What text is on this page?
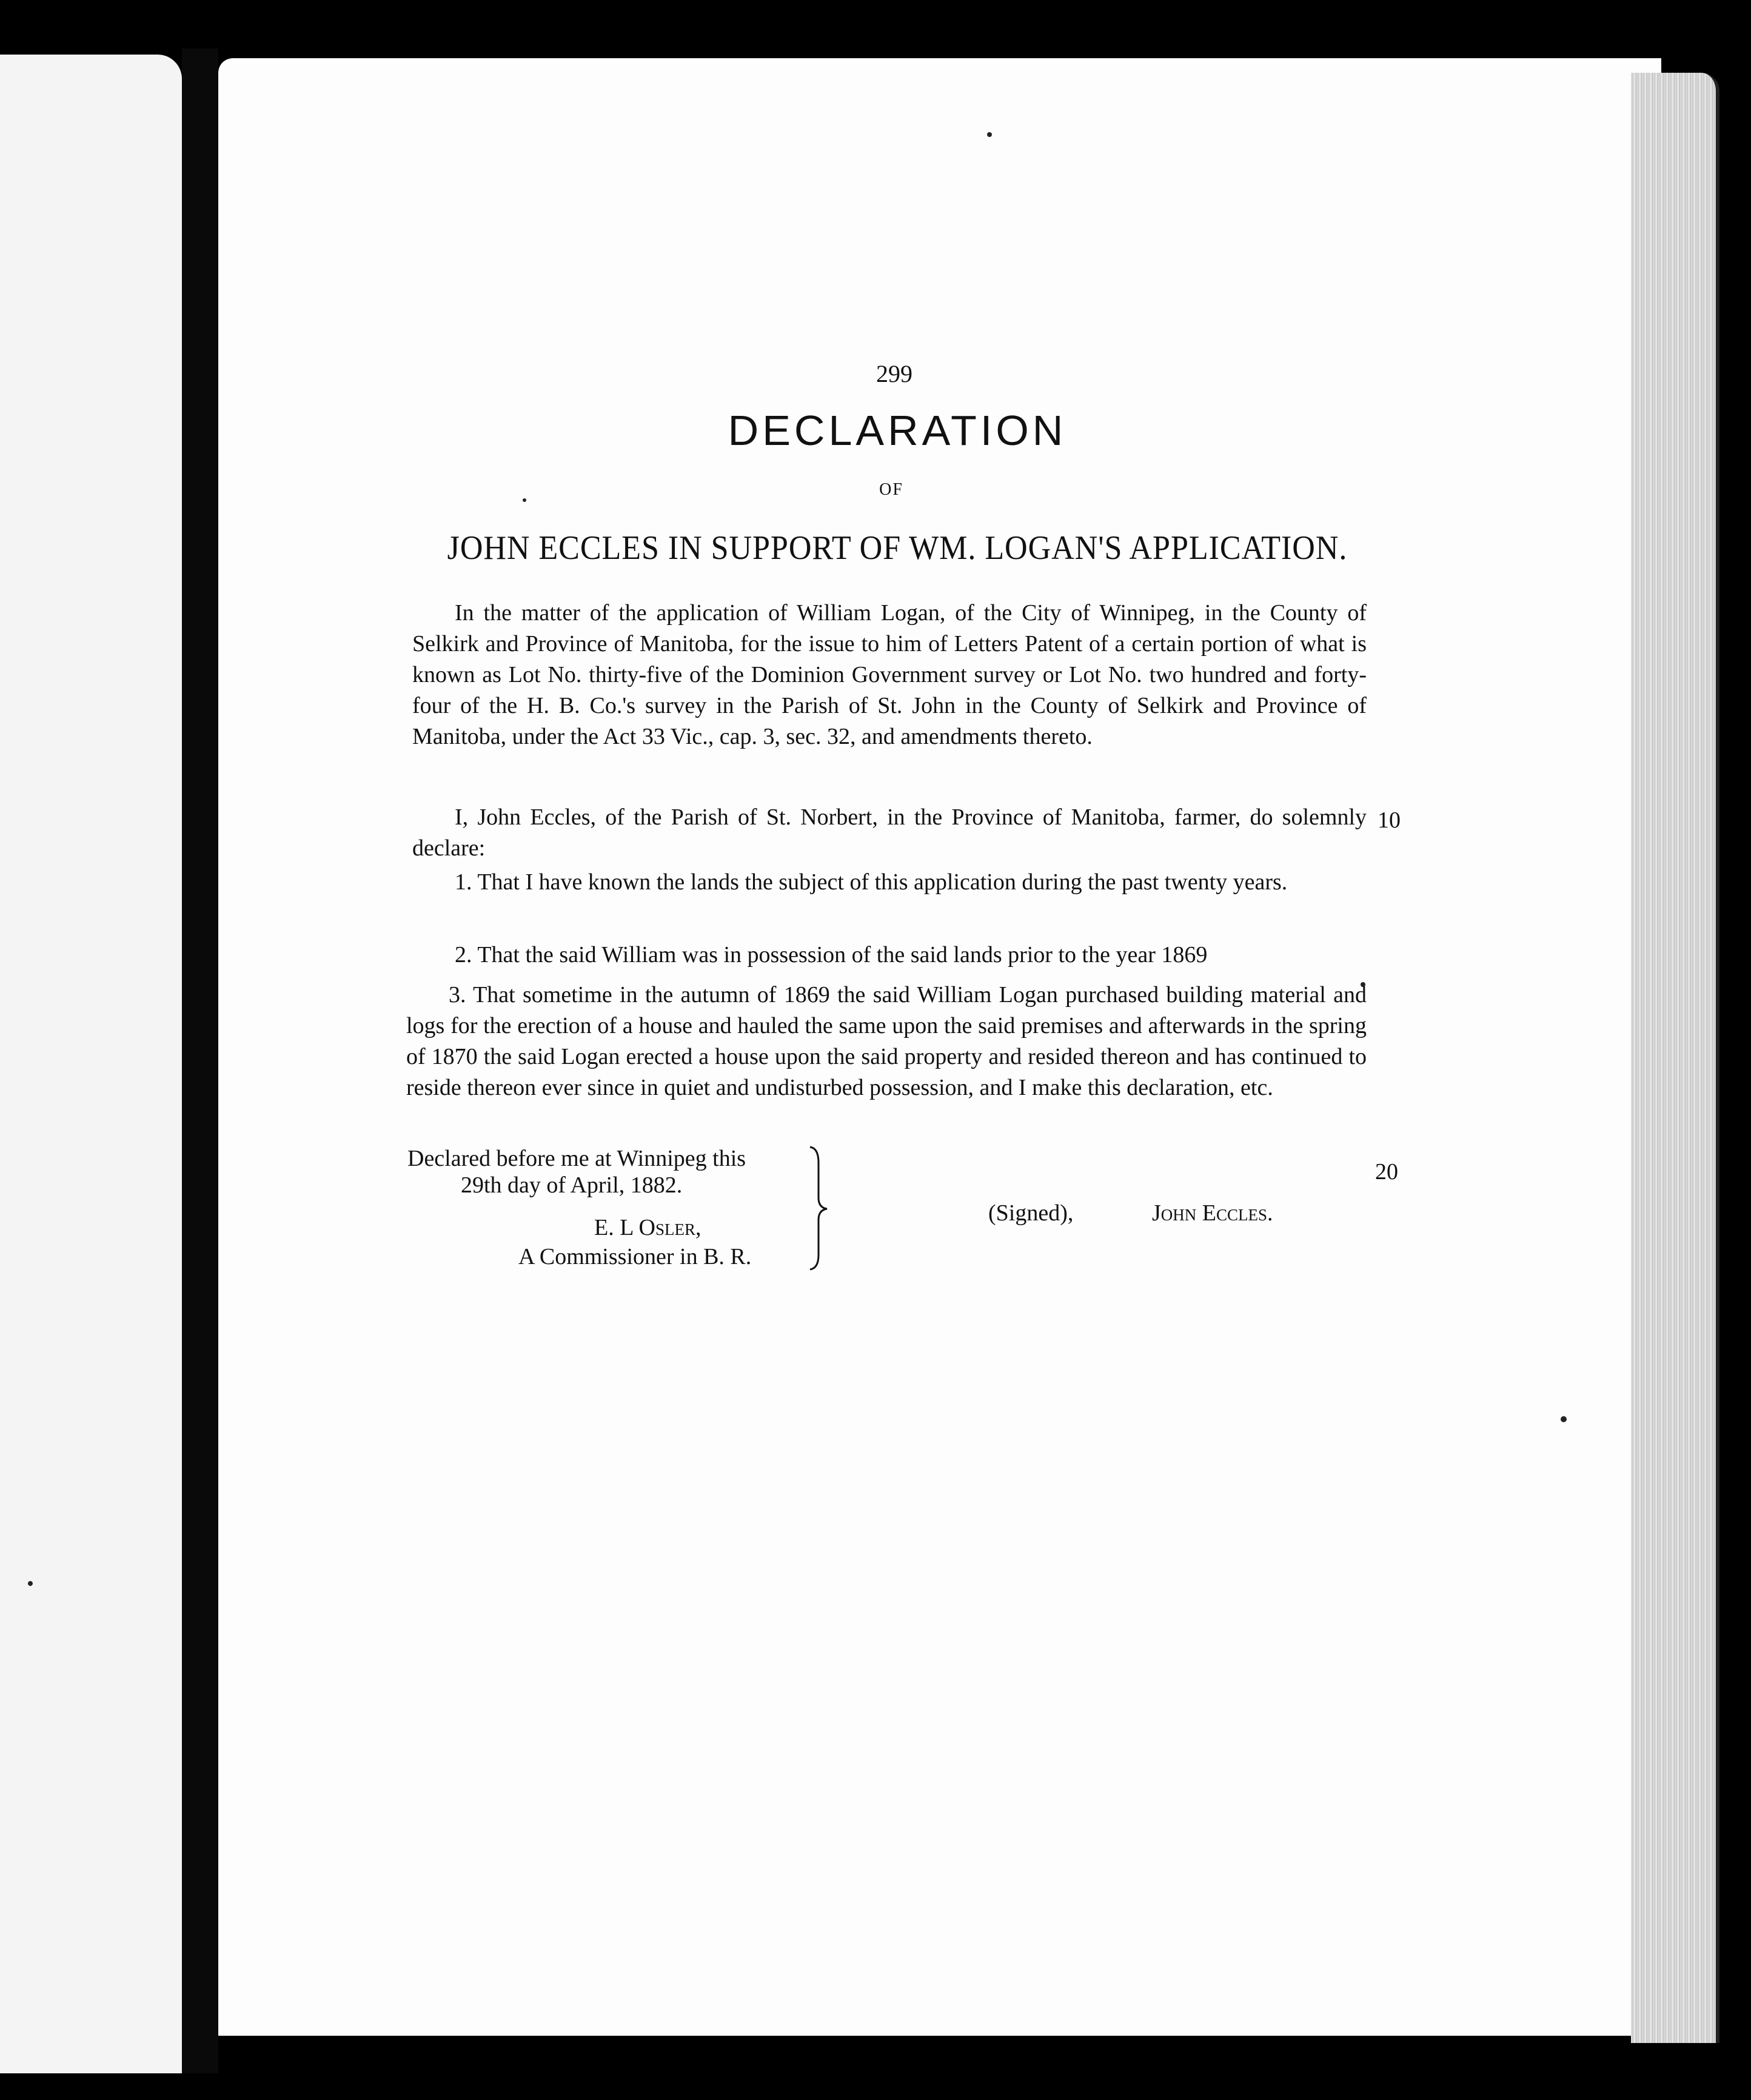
299
DECLARATION
OF
JOHN ECCLES IN SUPPORT OF WM. LOGAN'S APPLICATION.
In the matter of the application of William Logan, of the City of Winnipeg, in the County of Selkirk and Province of Manitoba, for the issue to him of Letters Patent of a certain portion of what is known as Lot No. thirty-five of the Dominion Government survey or Lot No. two hundred and forty-four of the H. B. Co.'s survey in the Parish of St. John in the County of Selkirk and Province of Manitoba, under the Act 33 Vic., cap. 3, sec. 32, and amendments thereto.
I, John Eccles, of the Parish of St. Norbert, in the Province of Manitoba, farmer, do solemnly declare:
10
1. That I have known the lands the subject of this application during the past twenty years.
2. That the said William was in possession of the said lands prior to the year 1869
3. That sometime in the autumn of 1869 the said William Logan purchased building material and logs for the erection of a house and hauled the same upon the said premises and afterwards in the spring of 1870 the said Logan erected a house upon the said property and resided thereon and has continued to reside thereon ever since in quiet and undisturbed possession, and I make this declaration, etc.
Declared before me at Winnipeg this
29th day of April, 1882.
E. L Osler,
A Commissioner in B. R.
20
(Signed),	John Eccles.
